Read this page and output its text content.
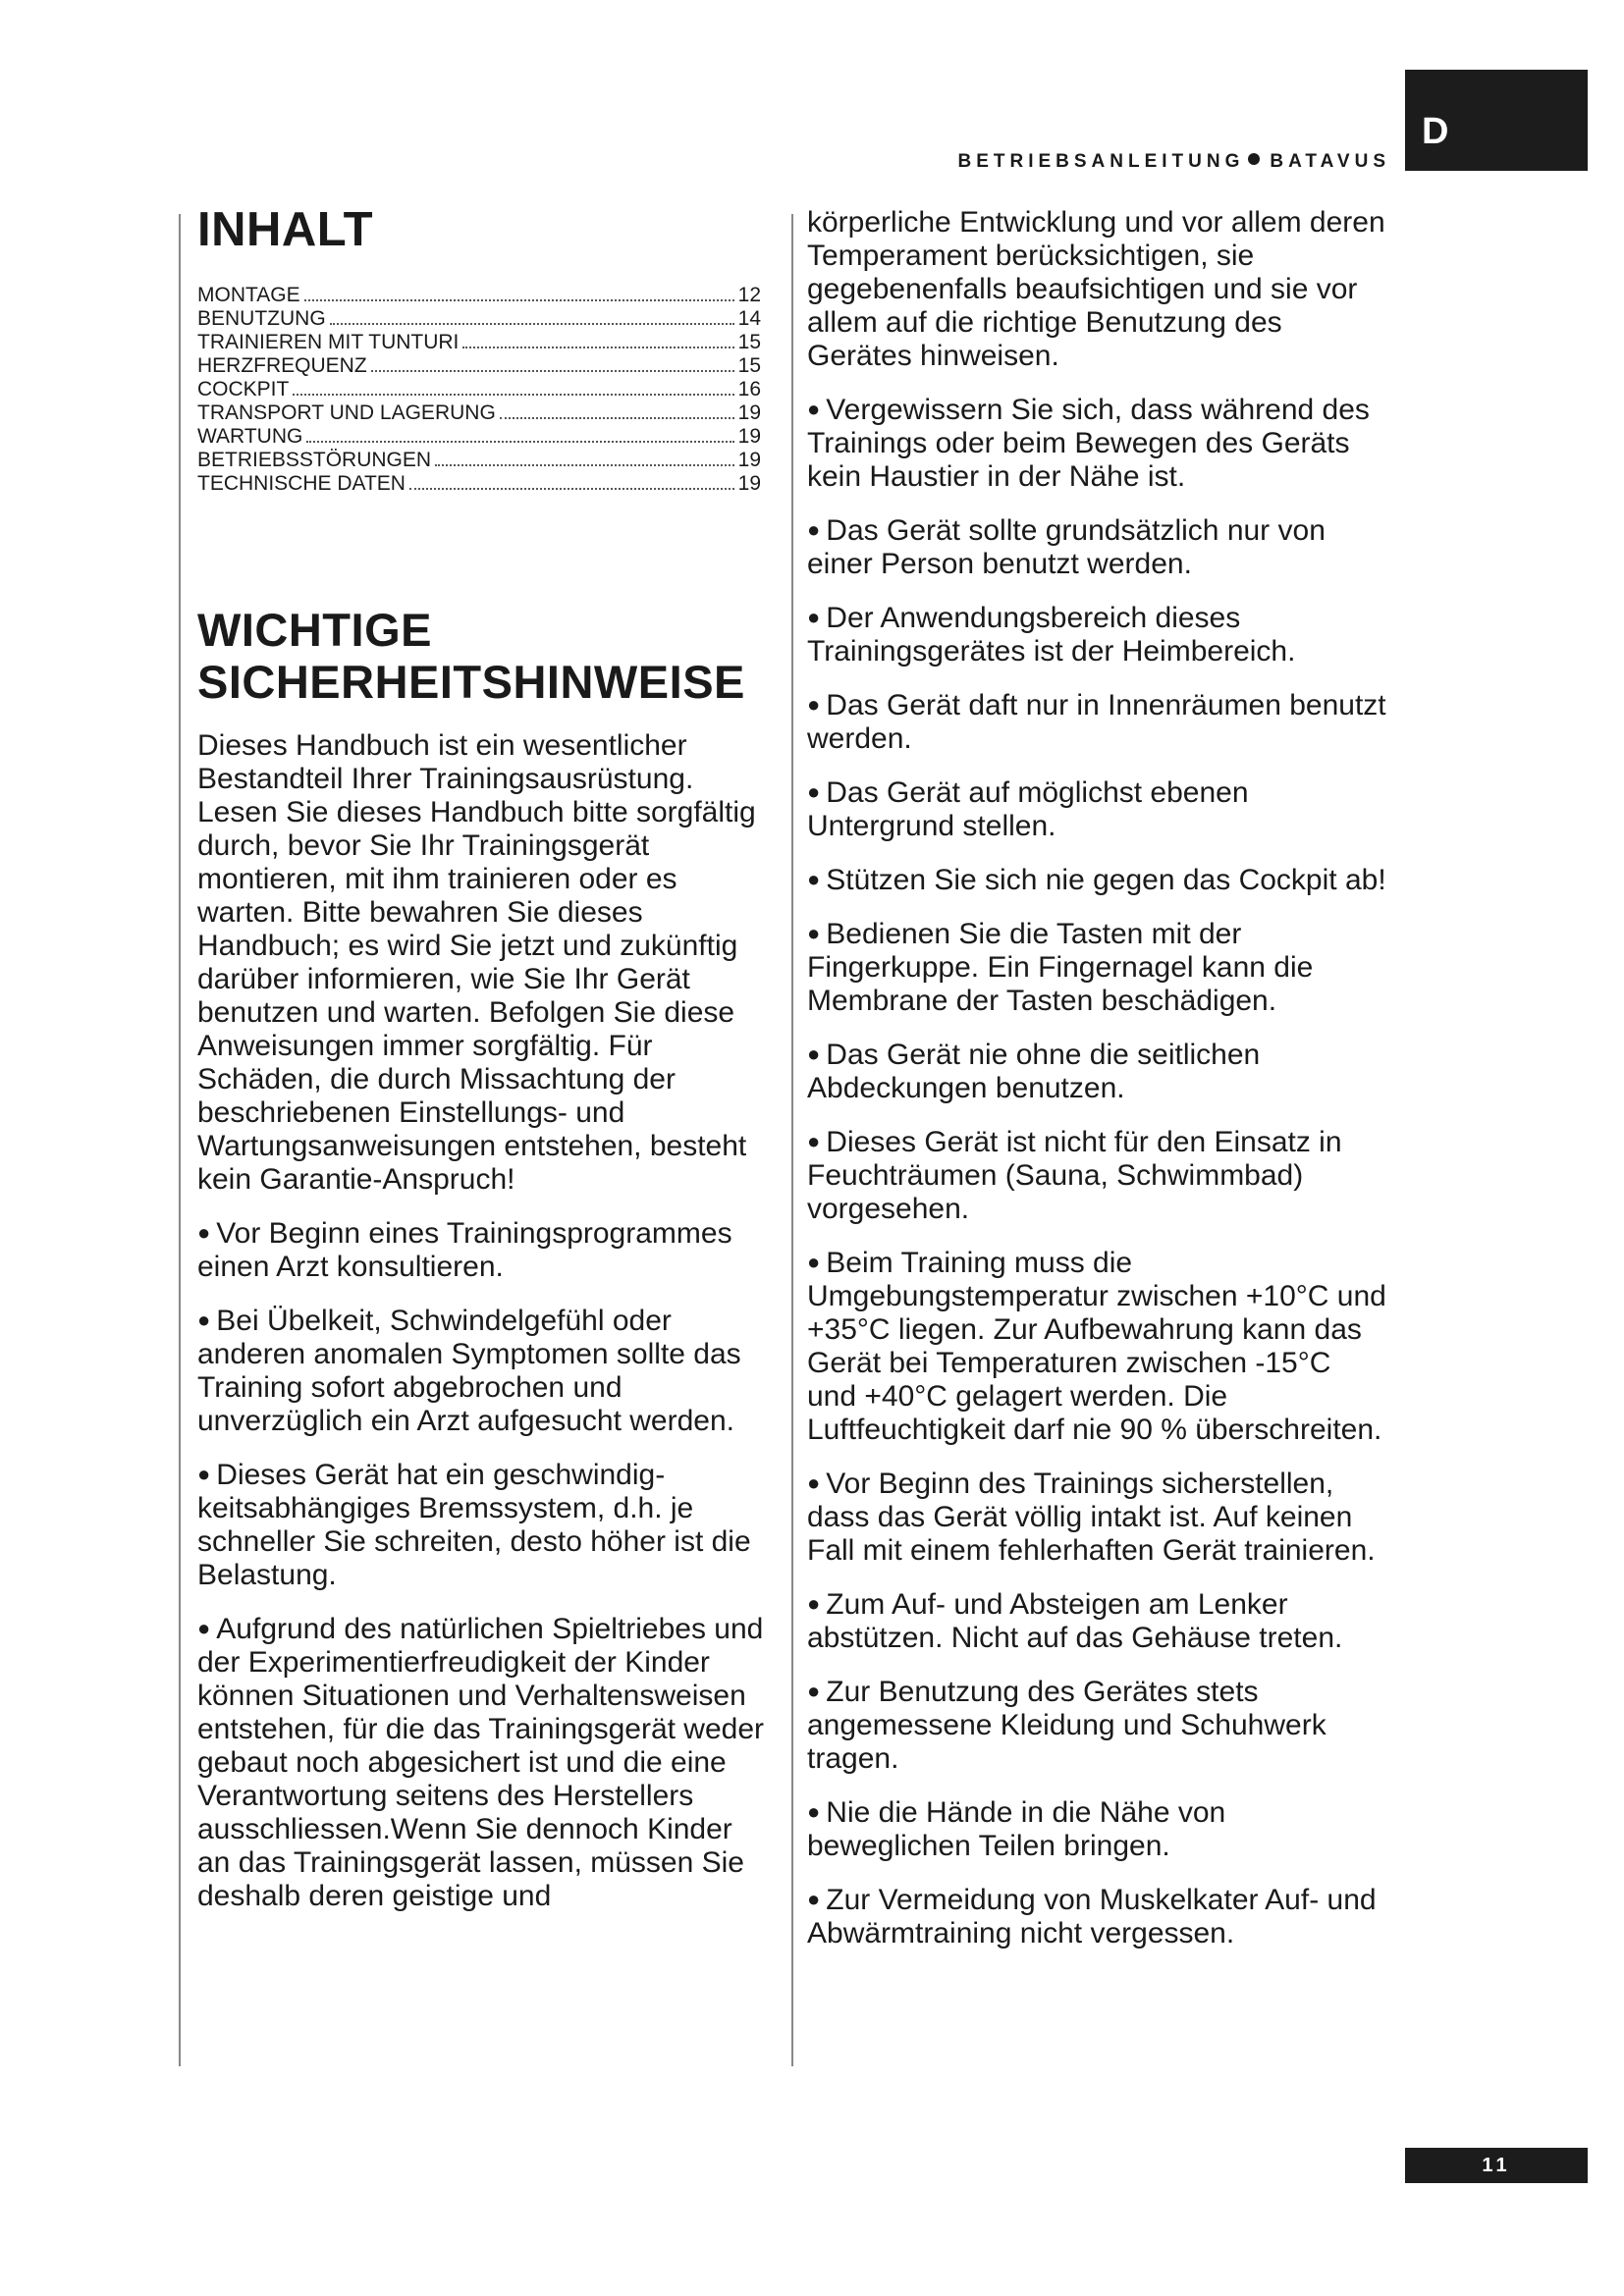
D
BETRIEBSANLEITUNG BATAVUS
INHALT
MONTAGE	12
BENUTZUNG	14
TRAINIEREN MIT TUNTURI	15
HERZFREQUENZ	15
COCKPIT	16
TRANSPORT UND LAGERUNG	19
WARTUNG	19
BETRIEBSSTÖRUNGEN	19
TECHNISCHE DATEN	19
WICHTIGE
SICHERHEITSHINWEISE

Dieses Handbuch ist ein wesentlicher Bestandteil Ihrer Trainingsausrüstung. Lesen Sie dieses Handbuch bitte sorgfältig durch, bevor Sie Ihr Trainingsgerät montieren, mit ihm trainieren oder es warten. Bitte bewahren Sie dieses Handbuch; es wird Sie jetzt und zukünftig darüber informieren, wie Sie Ihr Gerät benutzen und warten. Befolgen Sie diese Anweisungen immer sorgfältig. Für Schäden, die durch Missachtung der beschriebenen Einstellungs- und Wartungsanweisungen entstehen, besteht kein Garantie-Anspruch!

● Vor Beginn eines Trainingsprogrammes einen Arzt konsultieren.

● Bei Übelkeit, Schwindelgefühl oder anderen anomalen Symptomen sollte das Training sofort abgebrochen und unverzüglich ein Arzt aufgesucht werden.

● Dieses Gerät hat ein geschwindig-keitsabhängiges Bremssystem, d.h. je schneller Sie schreiten, desto höher ist die Belastung.

● Aufgrund des natürlichen Spieltriebes und der Experimentierfreudigkeit der Kinder können Situationen und Verhaltensweisen entstehen, für die das Trainingsgerät weder gebaut noch abgesichert ist und die eine Verantwortung seitens des Herstellers ausschliessen.Wenn Sie dennoch Kinder an das Trainingsgerät lassen, müssen Sie deshalb deren geistige und

körperliche Entwicklung und vor allem deren Temperament berücksichtigen, sie gegebenenfalls beaufsichtigen und sie vor allem auf die richtige Benutzung des Gerätes hinweisen.

● Vergewissern Sie sich, dass während des Trainings oder beim Bewegen des Geräts kein Haustier in der Nähe ist.

● Das Gerät sollte grundsätzlich nur von einer Person benutzt werden.

● Der Anwendungsbereich dieses Trainingsgerätes ist der Heimbereich.

● Das Gerät daft nur in Innenräumen benutzt werden.

● Das Gerät auf möglichst ebenen Untergrund stellen.

● Stützen Sie sich nie gegen das Cockpit ab!

● Bedienen Sie die Tasten mit der Fingerkuppe. Ein Fingernagel kann die Membrane der Tasten beschädigen.

● Das Gerät nie ohne die seitlichen Abdeckungen benutzen.

● Dieses Gerät ist nicht für den Einsatz in Feuchträumen (Sauna, Schwimmbad) vorgesehen.

● Beim Training muss die Umgebungstemperatur zwischen +10°C und +35°C liegen. Zur Aufbewahrung kann das Gerät bei Temperaturen zwischen -15°C und +40°C gelagert werden. Die Luftfeuchtigkeit darf nie 90 % überschreiten.

● Vor Beginn des Trainings sicherstellen, dass das Gerät völlig intakt ist. Auf keinen Fall mit einem fehlerhaften Gerät trainieren.

● Zum Auf- und Absteigen am Lenker abstützen. Nicht auf das Gehäuse treten.

● Zur Benutzung des Gerätes stets angemessene Kleidung und Schuhwerk tragen.

● Nie die Hände in die Nähe von beweglichen Teilen bringen.

● Zur Vermeidung von Muskelkater Auf- und Abwärmtraining nicht vergessen.

11
